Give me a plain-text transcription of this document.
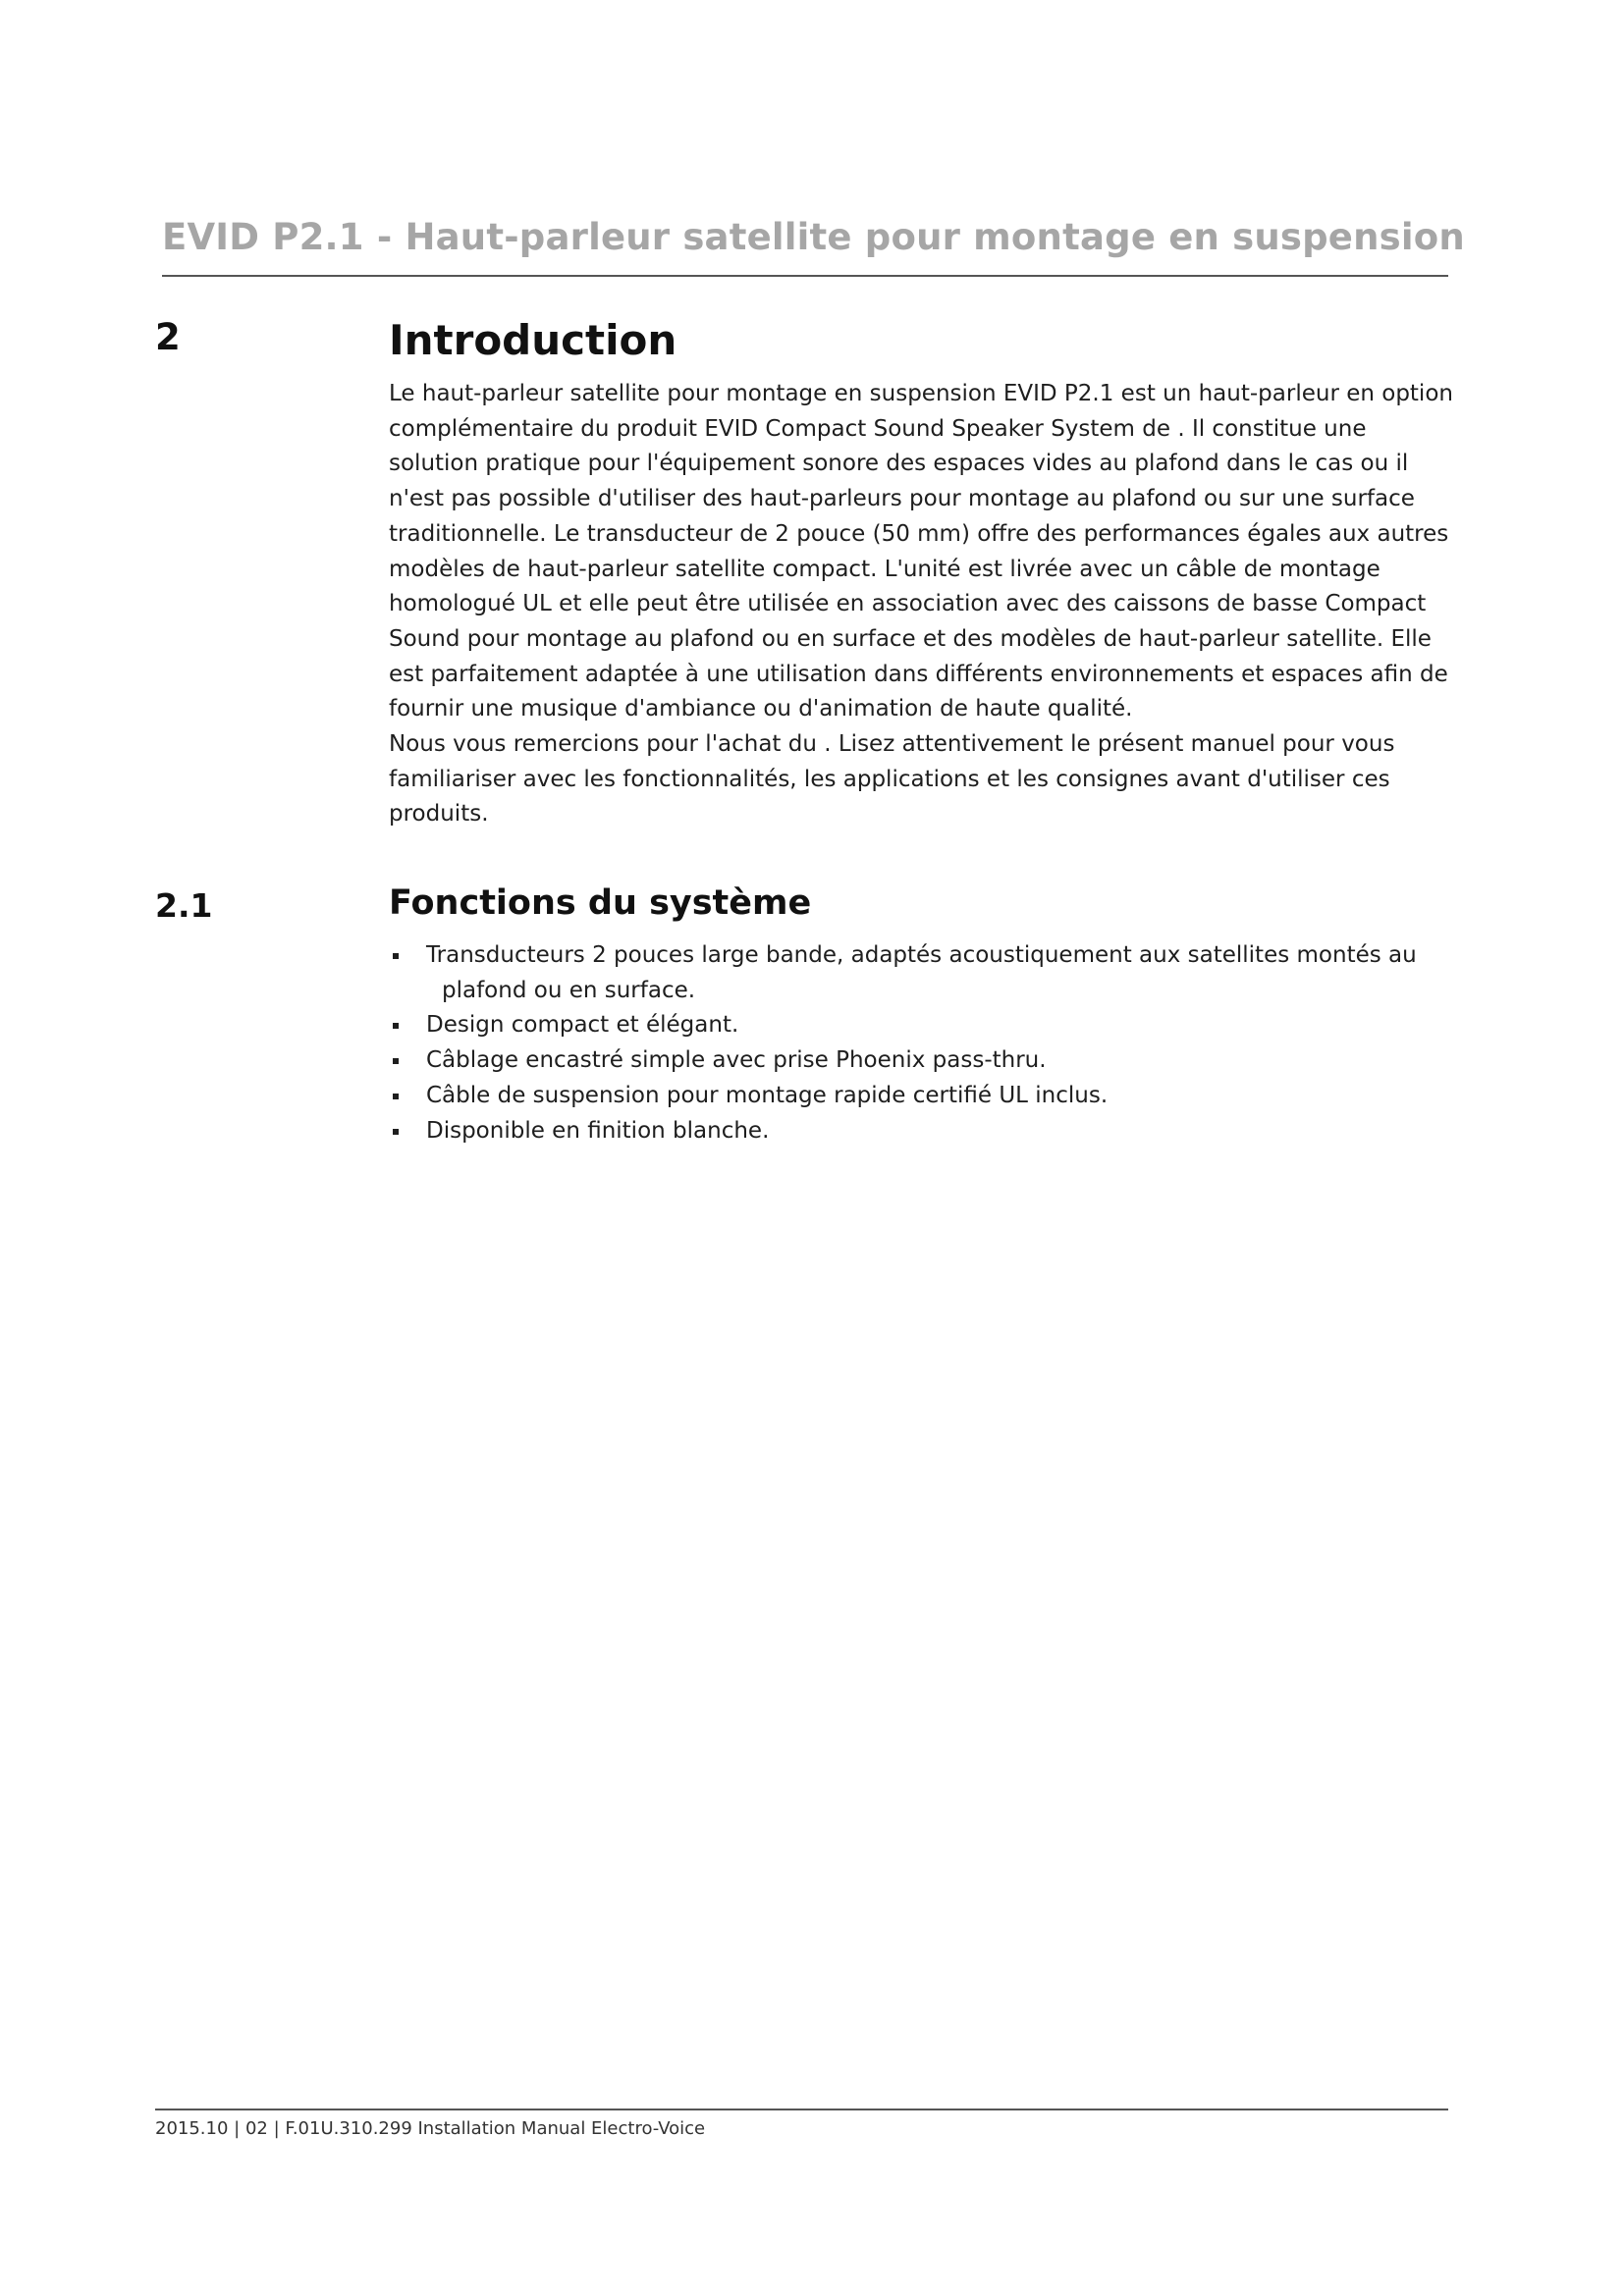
EVID P2.1 - Haut-parleur satellite pour montage en suspension
2	Introduction

Le haut-parleur satellite pour montage en suspension EVID P2.1 est un haut-parleur en option complémentaire du produit EVID Compact Sound Speaker System de . Il constitue une solution pratique pour l'équipement sonore des espaces vides au plafond dans le cas ou il n'est pas possible d'utiliser des haut-parleurs pour montage au plafond ou sur une surface traditionnelle. Le transducteur de 2 pouce (50 mm) offre des performances égales aux autres modèles de haut-parleur satellite compact. L'unité est livrée avec un câble de montage homologué UL et elle peut être utilisée en association avec des caissons de basse Compact Sound pour montage au plafond ou en surface et des modèles de haut-parleur satellite. Elle est parfaitement adaptée à une utilisation dans différents environnements et espaces afin de fournir une musique d'ambiance ou d'animation de haute qualité.

Nous vous remercions pour l'achat du . Lisez attentivement le présent manuel pour vous familiariser avec les fonctionnalités, les applications et les consignes avant d'utiliser ces produits.

2.1	Fonctions du système
Transducteurs 2 pouces large bande, adaptés acoustiquement aux satellites montés au
plafond ou en surface.
Design compact et élégant.
Câblage encastré simple avec prise Phoenix pass-thru.
Câble de suspension pour montage rapide certifié UL inclus.
Disponible en finition blanche.
2015.10 | 02 | F.01U.310.299 Installation Manual Electro-Voice
